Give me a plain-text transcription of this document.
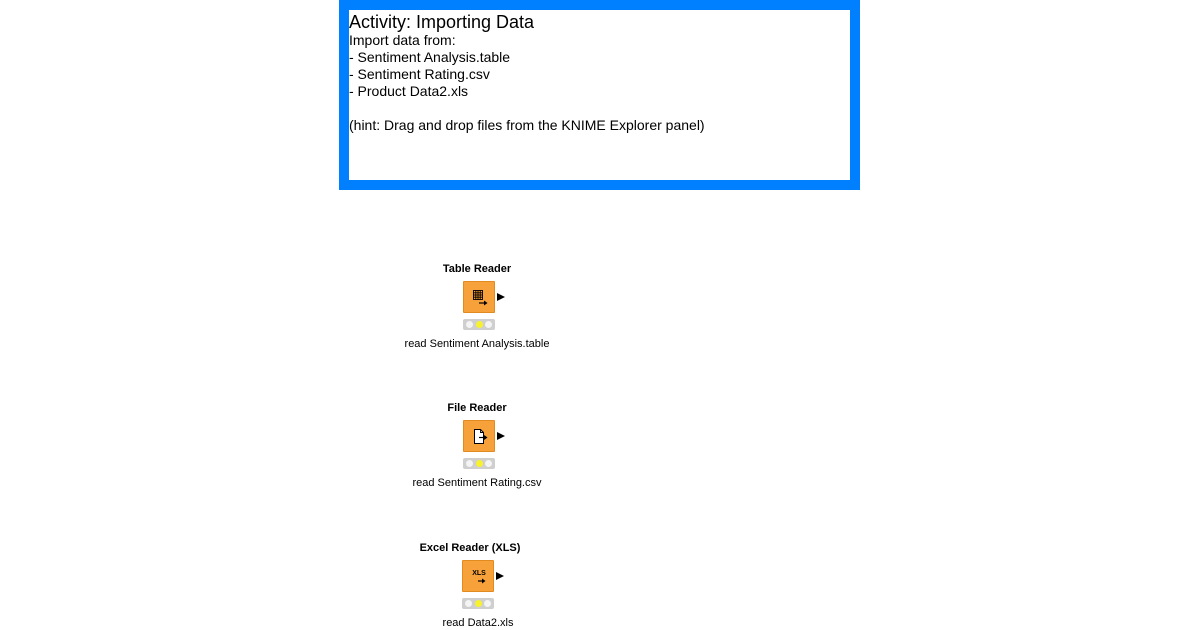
Activity: Importing Data

Import data from:

- Sentiment Analysis.table

- Sentiment Rating.csv

- Product Data2.xls

(hint: Drag and drop files from the KNIME Explorer panel)

Table Reader
read Sentiment Analysis.table
File Reader
read Sentiment Rating.csv
Excel Reader (XLS)
XLS
read Data2.xls
